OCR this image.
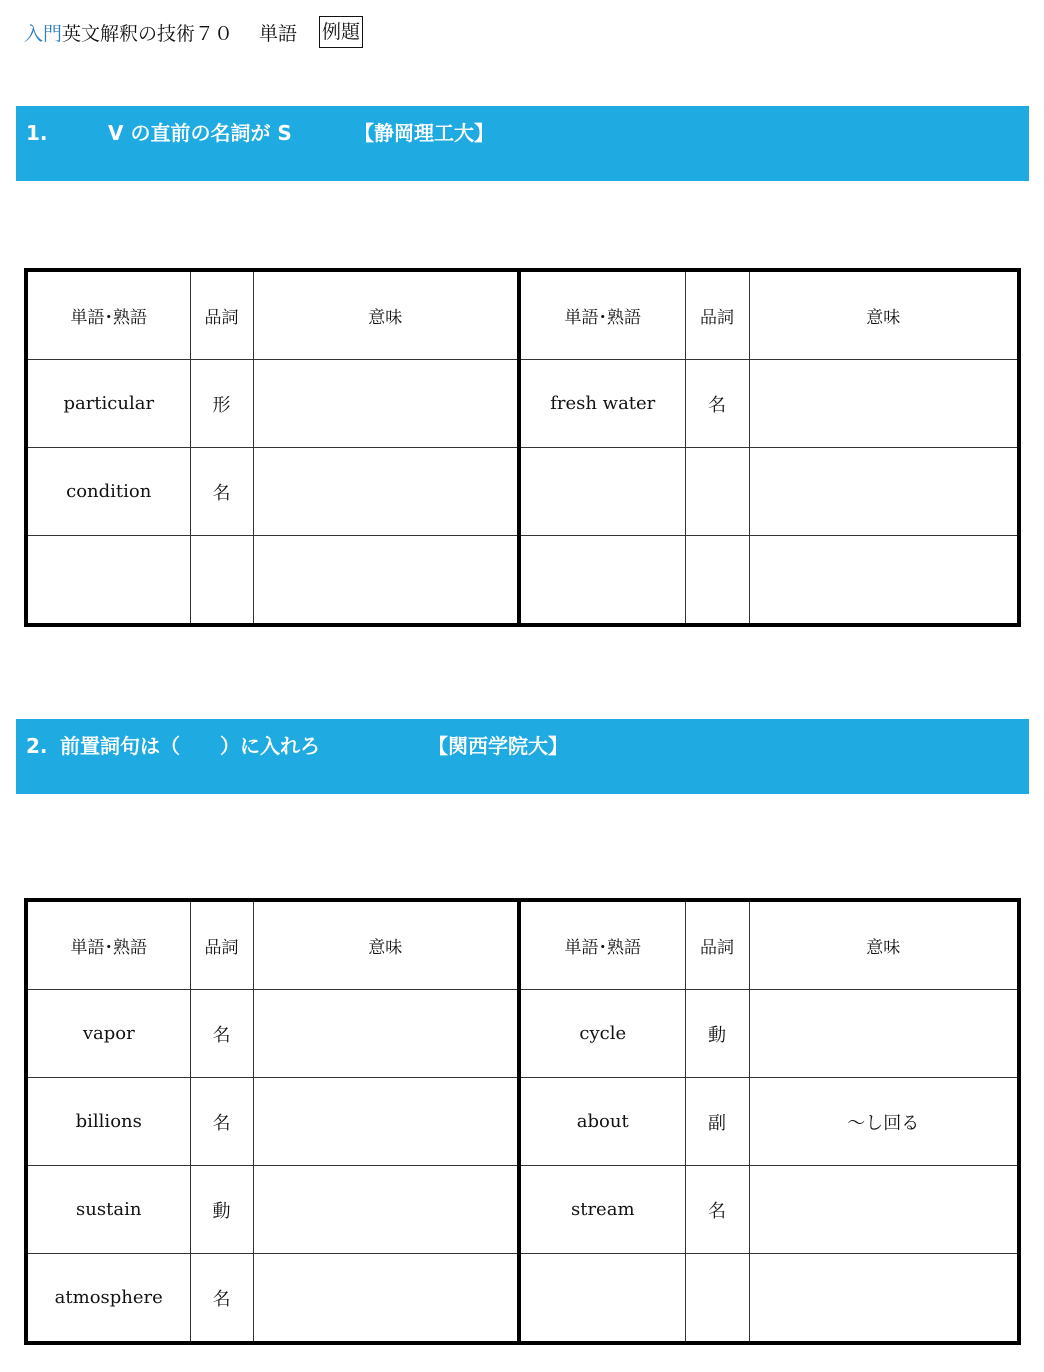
入門 英文解釈の技術７０ 単語 例題
1.	V の直前の名詞が S	【静岡理工大】
単語･熟語	品詞	意味	単語･熟語	品詞	意味
particular	形		fresh water	名	
condition	名				

2. 前置詞句は（　　）に入れろ	【関西学院大】
単語･熟語	品詞	意味	単語･熟語	品詞	意味
vapor	名		cycle	動	
billions	名		about	副	～し回る
sustain	動		stream	名	
atmosphere	名				
